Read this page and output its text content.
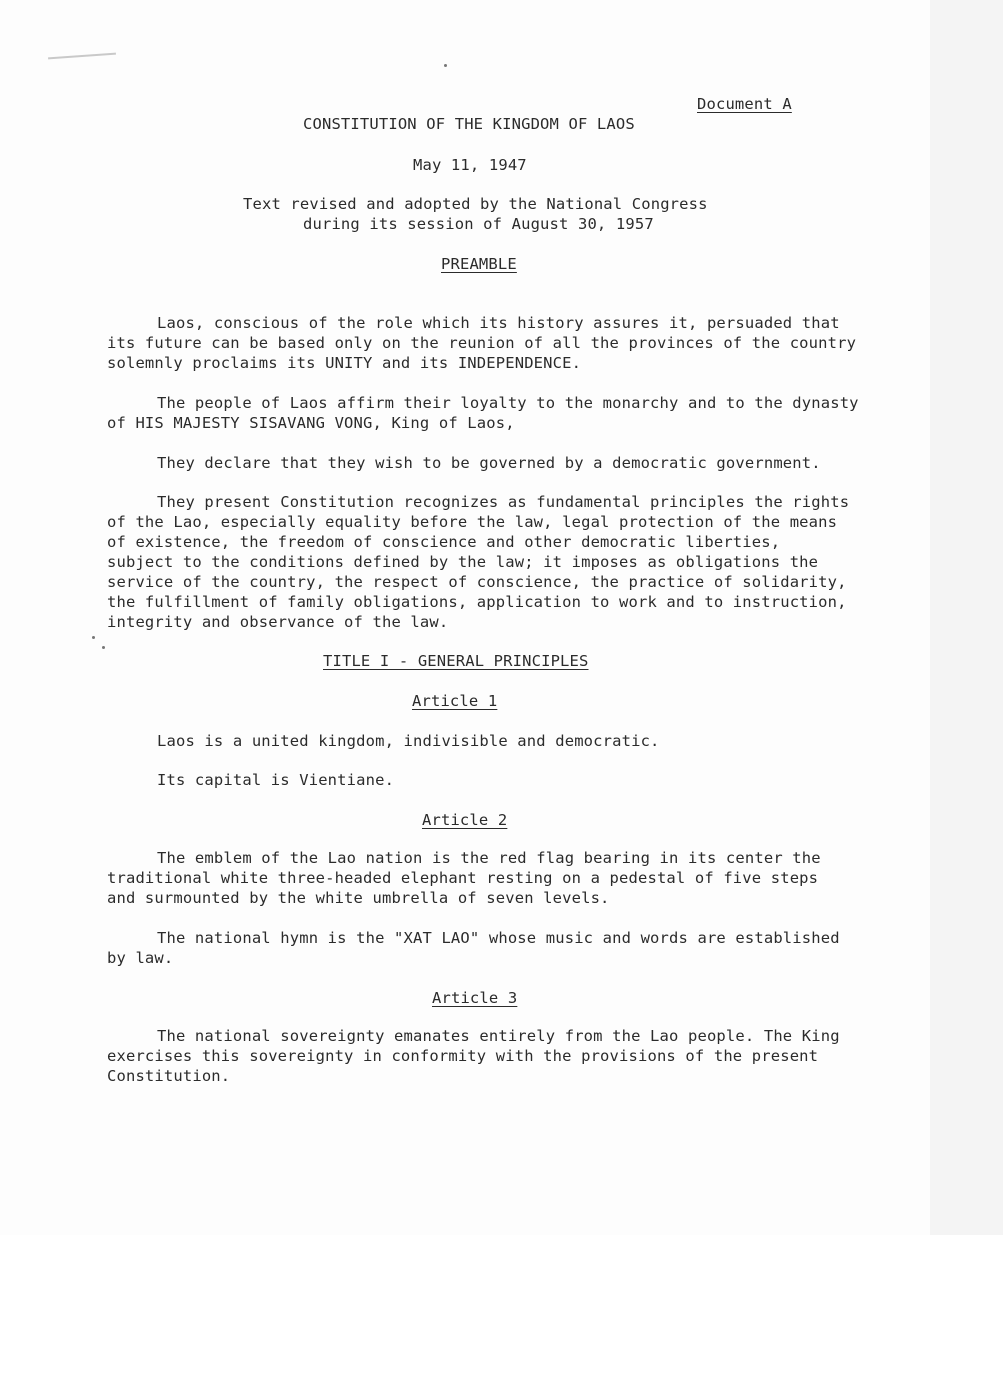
Document A
CONSTITUTION OF THE KINGDOM OF LAOS
May 11, 1947
Text revised and adopted by the National Congress
during its session of August 30, 1957
PREAMBLE
Laos, conscious of the role which its history assures it, persuaded that
its future can be based only on the reunion of all the provinces of the country
solemnly proclaims its UNITY and its INDEPENDENCE.
The people of Laos affirm their loyalty to the monarchy and to the dynasty
of HIS MAJESTY SISAVANG VONG, King of Laos,
They declare that they wish to be governed by a democratic government.
They present Constitution recognizes as fundamental principles the rights
of the Lao, especially equality before the law, legal protection of the means
of existence, the freedom of conscience and other democratic liberties,
subject to the conditions defined by the law; it imposes as obligations the
service of the country, the respect of conscience, the practice of solidarity,
the fulfillment of family obligations, application to work and to instruction,
integrity and observance of the law.
TITLE I - GENERAL PRINCIPLES
Article 1
Laos is a united kingdom, indivisible and democratic.
Its capital is Vientiane.
Article 2
The emblem of the Lao nation is the red flag bearing in its center the
traditional white three-headed elephant resting on a pedestal of five steps
and surmounted by the white umbrella of seven levels.
The national hymn is the "XAT LAO" whose music and words are established
by law.
Article 3
The national sovereignty emanates entirely from the Lao people. The King
exercises this sovereignty in conformity with the provisions of the present
Constitution.
